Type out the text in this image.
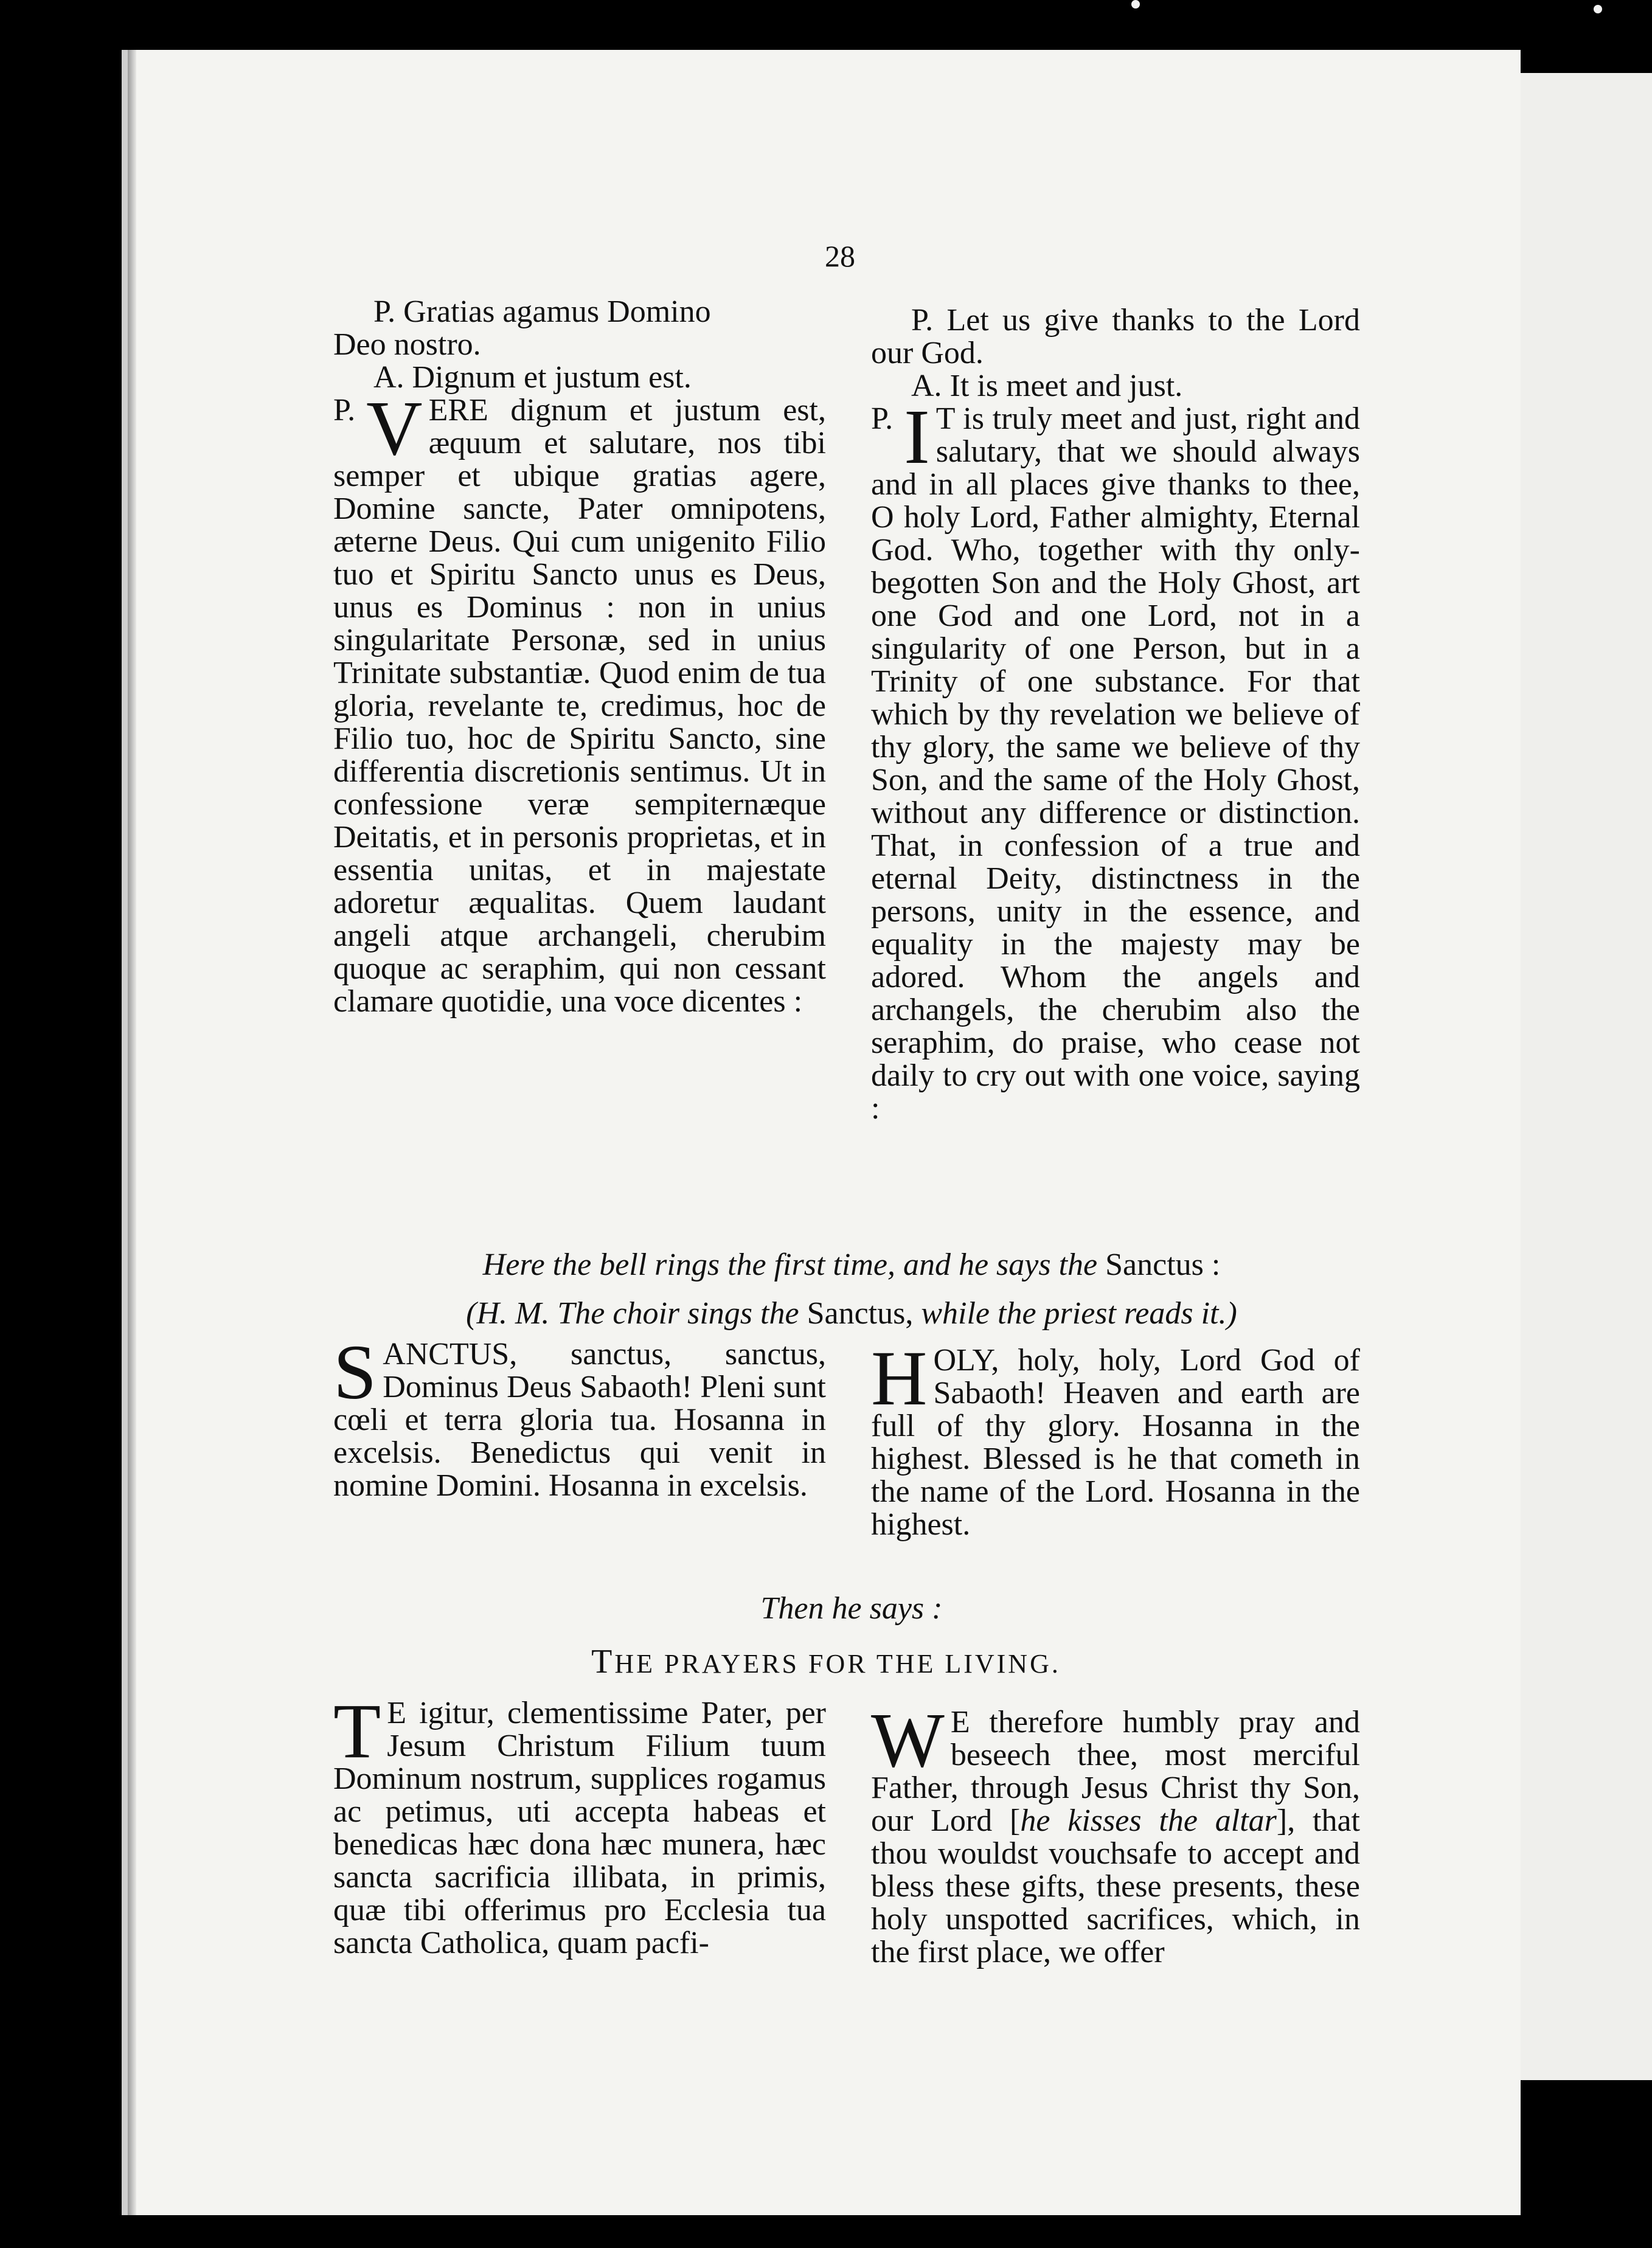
28

P. Gratias agamus Domino

Deo nostro.

A. Dignum et justum est.

P. V ERE dignum et justum est, æquum et salutare, nos tibi semper et ubique gratias agere, Domine sancte, Pater omnipotens, æterne Deus. Qui cum unigenito Filio tuo et Spiritu Sancto unus es Deus, unus es Dominus : non in unius singularitate Personæ, sed in unius Trinitate substantiæ. Quod enim de tua gloria, revelante te, credimus, hoc de Filio tuo, hoc de Spiritu Sancto, sine differentia discretionis sentimus. Ut in confessione veræ sempiternæque Deitatis, et in personis proprietas, et in essentia unitas, et in majestate adoretur æqualitas. Quem laudant angeli atque archangeli, cherubim quoque ac seraphim, qui non cessant clamare quotidie, una voce dicentes :

P. Let us give thanks to the Lord our God.

A. It is meet and just.

P. I T is truly meet and just, right and salutary, that we should always and in all places give thanks to thee, O holy Lord, Father almighty, Eternal God. Who, together with thy only-begotten Son and the Holy Ghost, art one God and one Lord, not in a singularity of one Person, but in a Trinity of one substance. For that which by thy revelation we believe of thy glory, the same we believe of thy Son, and the same of the Holy Ghost, without any difference or distinction. That, in confession of a true and eternal Deity, distinctness in the persons, unity in the essence, and equality in the majesty may be adored. Whom the angels and archangels, the cherubim also the seraphim, do praise, who cease not daily to cry out with one voice, saying :

Here the bell rings the first time, and he says the Sanctus :
(H. M. The choir sings the Sanctus, while the priest reads it.)

S ANCTUS, sanctus, sanctus, Dominus Deus Sabaoth! Pleni sunt cœli et terra gloria tua. Hosanna in excelsis. Benedictus qui venit in nomine Domini. Hosanna in excelsis.

H OLY, holy, holy, Lord God of Sabaoth! Heaven and earth are full of thy glory. Hosanna in the highest. Blessed is he that cometh in the name of the Lord. Hosanna in the highest.

Then he says :
THE PRAYERS FOR THE LIVING.

T E igitur, clementissime Pater, per Jesum Christum Filium tuum Dominum nostrum, supplices rogamus ac petimus, uti accepta habeas et benedicas hæc dona hæc munera, hæc sancta sacrificia illibata, in primis, quæ tibi offerimus pro Ecclesia tua sancta Catholica, quam pacfi-

W E therefore humbly pray and beseech thee, most merciful Father, through Jesus Christ thy Son, our Lord [he kisses the altar], that thou wouldst vouchsafe to accept and bless these gifts, these presents, these holy unspotted sacrifices, which, in the first place, we offer
